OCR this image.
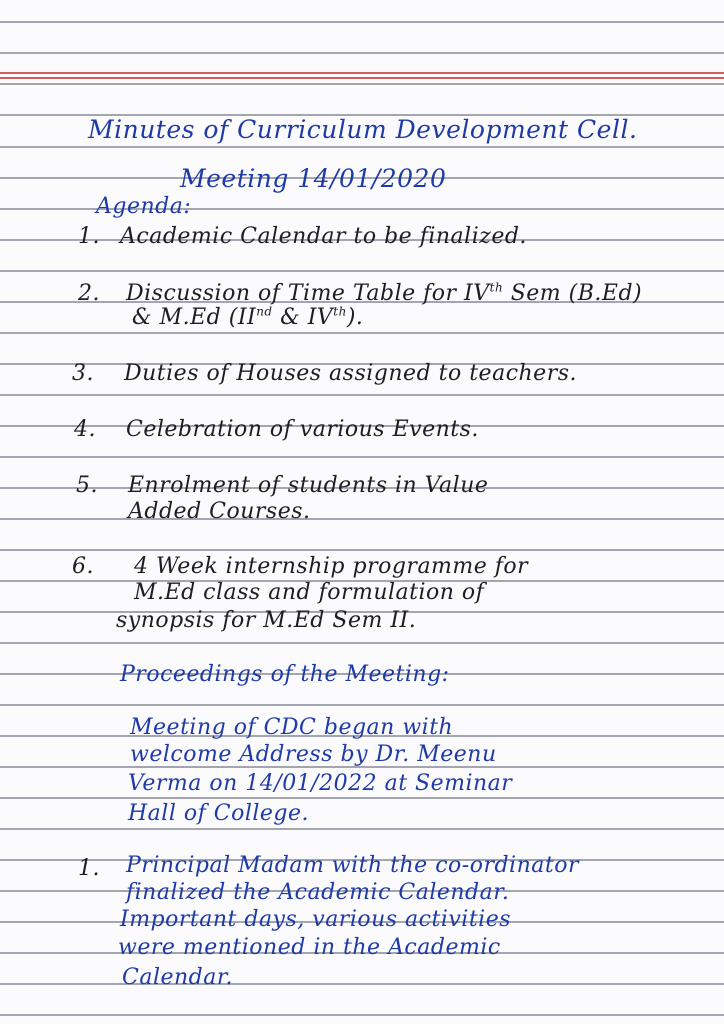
Minutes of Curriculum Development Cell.
Meeting 14/01/2020
Agenda:
1. Academic Calendar to be finalized.
2. Discussion of Time Table for IVth Sem (B.Ed)
& M.Ed (IInd & IVth).
3. Duties of Houses assigned to teachers.
4. Celebration of various Events.
5. Enrolment of students in Value
Added Courses.
6. 4 Week internship programme for
M.Ed class and formulation of
synopsis for M.Ed Sem II.
Proceedings of the Meeting:
Meeting of CDC began with
welcome Address by Dr. Meenu
Verma on 14/01/2022 at Seminar
Hall of College.
1. Principal Madam with the co-ordinator
finalized the Academic Calendar.
Important days, various activities
were mentioned in the Academic
Calendar.
